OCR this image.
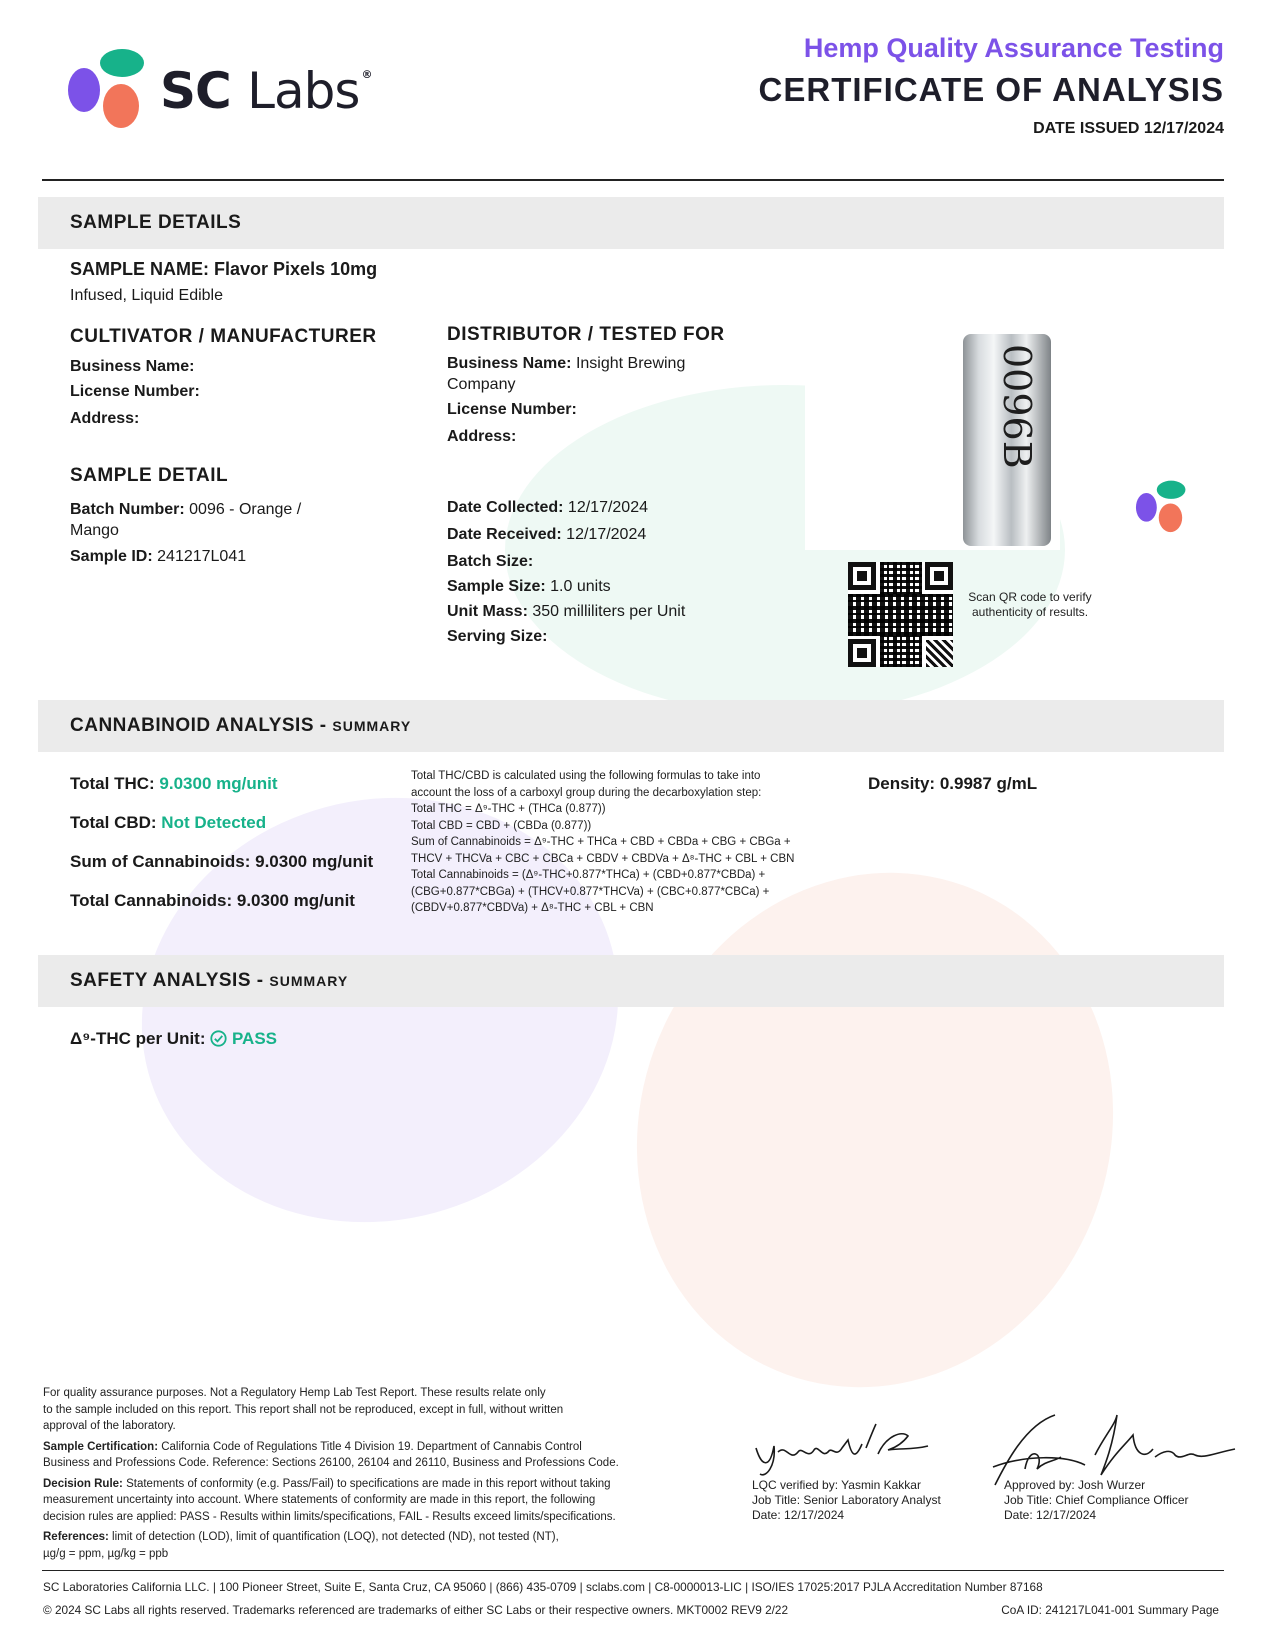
SC Labs ®
Hemp Quality Assurance Testing
CERTIFICATE OF ANALYSIS
DATE ISSUED 12/17/2024
SAMPLE DETAILS
SAMPLE NAME: Flavor Pixels 10mg
Infused, Liquid Edible
CULTIVATOR / MANUFACTURER
Business Name:
License Number:
Address:
DISTRIBUTOR / TESTED FOR
Business Name: Insight Brewing
Company
License Number:
Address:
SAMPLE DETAIL
Batch Number: 0096 - Orange /
Mango
Sample ID: 241217L041
Date Collected: 12/17/2024
Date Received: 12/17/2024
Batch Size:
Sample Size: 1.0 units
Unit Mass: 350 milliliters per Unit
Serving Size:
0096B
Scan QR code to verify
authenticity of results.
CANNABINOID ANALYSIS - SUMMARY
Total THC: 9.0300 mg/unit
Total CBD: Not Detected
Sum of Cannabinoids: 9.0300 mg/unit
Total Cannabinoids: 9.0300 mg/unit
Total THC/CBD is calculated using the following formulas to take into
account the loss of a carboxyl group during the decarboxylation step:
Total THC = Δ⁹-THC + (THCa (0.877))
Total CBD = CBD + (CBDa (0.877))
Sum of Cannabinoids = Δ⁹-THC + THCa + CBD + CBDa + CBG + CBGa +
THCV + THCVa + CBC + CBCa + CBDV + CBDVa + Δ⁸-THC + CBL + CBN
Total Cannabinoids = (Δ⁹-THC+0.877*THCa) + (CBD+0.877*CBDa) +
(CBG+0.877*CBGa) + (THCV+0.877*THCVa) + (CBC+0.877*CBCa) +
(CBDV+0.877*CBDVa) + Δ⁸-THC + CBL + CBN
Density: 0.9987 g/mL
SAFETY ANALYSIS - SUMMARY
Δ⁹-THC per Unit: PASS
For quality assurance purposes. Not a Regulatory Hemp Lab Test Report. These results relate only
to the sample included on this report. This report shall not be reproduced, except in full, without written
approval of the laboratory.
Sample Certification: California Code of Regulations Title 4 Division 19. Department of Cannabis Control
Business and Professions Code. Reference: Sections 26100, 26104 and 26110, Business and Professions Code.
Decision Rule: Statements of conformity (e.g. Pass/Fail) to specifications are made in this report without taking
measurement uncertainty into account. Where statements of conformity are made in this report, the following
decision rules are applied: PASS - Results within limits/specifications, FAIL - Results exceed limits/specifications.
References: limit of detection (LOD), limit of quantification (LOQ), not detected (ND), not tested (NT),
µg/g = ppm, µg/kg = ppb
LQC verified by: Yasmin Kakkar
Job Title: Senior Laboratory Analyst
Date: 12/17/2024
Approved by: Josh Wurzer
Job Title: Chief Compliance Officer
Date: 12/17/2024
SC Laboratories California LLC. | 100 Pioneer Street, Suite E, Santa Cruz, CA 95060 | (866) 435-0709 | sclabs.com | C8-0000013-LIC | ISO/IES 17025:2017 PJLA Accreditation Number 87168
© 2024 SC Labs all rights reserved. Trademarks referenced are trademarks of either SC Labs or their respective owners. MKT0002 REV9 2/22	CoA ID: 241217L041-001 Summary Page
